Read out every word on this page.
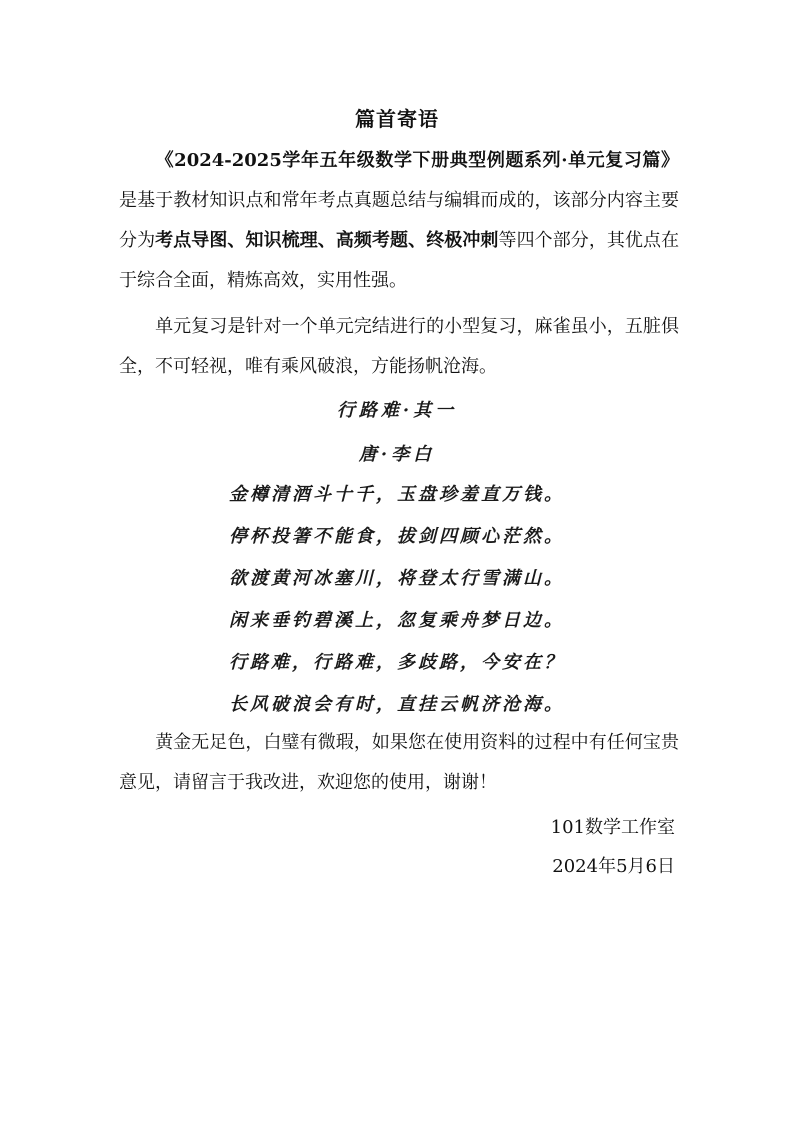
篇首寄语
《2024-2025学年五年级数学下册典型例题系列·单元复习篇》是基于教材知识点和常年考点真题总结与编辑而成的，该部分内容主要分为考点导图、知识梳理、高频考题、终极冲刺等四个部分，其优点在于综合全面，精炼高效，实用性强。
单元复习是针对一个单元完结进行的小型复习，麻雀虽小，五脏俱全，不可轻视，唯有乘风破浪，方能扬帆沧海。
行路难·其一
唐·李白
金樽清酒斗十千，玉盘珍羞直万钱。
停杯投箸不能食，拔剑四顾心茫然。
欲渡黄河冰塞川，将登太行雪满山。
闲来垂钓碧溪上，忽复乘舟梦日边。
行路难，行路难，多歧路，今安在？
长风破浪会有时，直挂云帆济沧海。
黄金无足色，白璧有微瑕，如果您在使用资料的过程中有任何宝贵意见，请留言于我改进，欢迎您的使用，谢谢！
101数学工作室
2024年5月6日
